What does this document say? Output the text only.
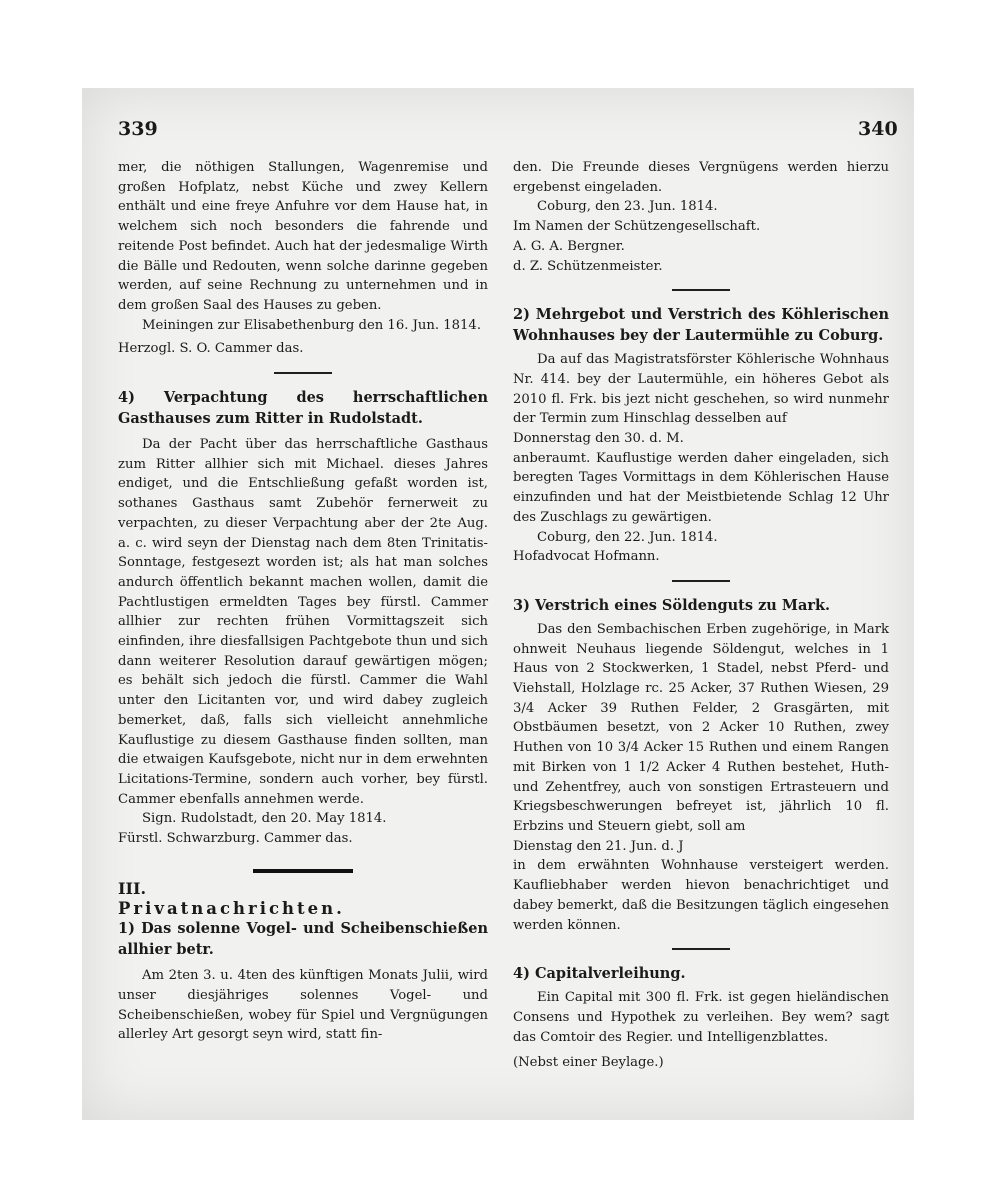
339	340

mer, die nöthigen Stallungen, Wagenremise und großen Hofplatz, nebst Küche und zwey Kellern enthält und eine freye Anfuhre vor dem Hause hat, in welchem sich noch besonders die fahrende und reitende Post befindet. Auch hat der jedesmalige Wirth die Bälle und Redouten, wenn solche darinne gegeben werden, auf seine Rechnung zu unternehmen und in dem großen Saal des Hauses zu geben.

Meiningen zur Elisabethenburg den 16. Jun. 1814.

Herzogl. S. O. Cammer das.

4) Verpachtung des herrschaftlichen Gasthauses zum Ritter in Rudolstadt.

Da der Pacht über das herrschaftliche Gasthaus zum Ritter allhier sich mit Michael. dieses Jahres endiget, und die Entschließung gefaßt worden ist, sothanes Gasthaus samt Zubehör fernerweit zu verpachten, zu dieser Verpachtung aber der 2te Aug. a. c. wird seyn der Dienstag nach dem 8ten Trinitatis-Sonntage, festgesezt worden ist; als hat man solches andurch öffentlich bekannt machen wollen, damit die Pachtlustigen ermeldten Tages bey fürstl. Cammer allhier zur rechten frühen Vormittagszeit sich einfinden, ihre diesfallsigen Pachtgebote thun und sich dann weiterer Resolution darauf gewärtigen mögen; es behält sich jedoch die fürstl. Cammer die Wahl unter den Licitanten vor, und wird dabey zugleich bemerket, daß, falls sich vielleicht annehmliche Kauflustige zu diesem Gasthause finden sollten, man die etwaigen Kaufsgebote, nicht nur in dem erwehnten Licitations-Termine, sondern auch vorher, bey fürstl. Cammer ebenfalls annehmen werde.

Sign. Rudolstadt, den 20. May 1814.

Fürstl. Schwarzburg. Cammer das.

III.

Privatnachrichten.

1) Das solenne Vogel- und Scheibenschießen allhier betr.

Am 2ten 3. u. 4ten des künftigen Monats Julii, wird unser diesjähriges solennes Vogel- und Scheibenschießen, wobey für Spiel und Vergnügungen allerley Art gesorgt seyn wird, statt fin-

den. Die Freunde dieses Vergnügens werden hierzu ergebenst eingeladen.

Coburg, den 23. Jun. 1814.

Im Namen der Schützengesellschaft.

A. G. A. Bergner.

d. Z. Schützenmeister.

2) Mehrgebot und Verstrich des Köhlerischen Wohnhauses bey der Lautermühle zu Coburg.

Da auf das Magistratsförster Köhlerische Wohnhaus Nr. 414. bey der Lautermühle, ein höheres Gebot als 2010 fl. Frk. bis jezt nicht geschehen, so wird nunmehr der Termin zum Hinschlag desselben auf

Donnerstag den 30. d. M.

anberaumt. Kauflustige werden daher eingeladen, sich beregten Tages Vormittags in dem Köhlerischen Hause einzufinden und hat der Meistbietende Schlag 12 Uhr des Zuschlags zu gewärtigen.

Coburg, den 22. Jun. 1814.

Hofadvocat Hofmann.

3) Verstrich eines Söldenguts zu Mark.

Das den Sembachischen Erben zugehörige, in Mark ohnweit Neuhaus liegende Söldengut, welches in 1 Haus von 2 Stockwerken, 1 Stadel, nebst Pferd- und Viehstall, Holzlage rc. 25 Acker, 37 Ruthen Wiesen, 29 3/4 Acker 39 Ruthen Felder, 2 Grasgärten, mit Obstbäumen besetzt, von 2 Acker 10 Ruthen, zwey Huthen von 10 3/4 Acker 15 Ruthen und einem Rangen mit Birken von 1 1/2 Acker 4 Ruthen bestehet, Huth- und Zehentfrey, auch von sonstigen Ertrasteuern und Kriegsbeschwerungen befreyet ist, jährlich 10 fl. Erbzins und Steuern giebt, soll am

Dienstag den 21. Jun. d. J

in dem erwähnten Wohnhause versteigert werden. Kaufliebhaber werden hievon benachrichtiget und dabey bemerkt, daß die Besitzungen täglich eingesehen werden können.

4) Capitalverleihung.

Ein Capital mit 300 fl. Frk. ist gegen hieländischen Consens und Hypothek zu verleihen. Bey wem? sagt das Comtoir des Regier. und Intelligenzblattes.

(Nebst einer Beylage.)
